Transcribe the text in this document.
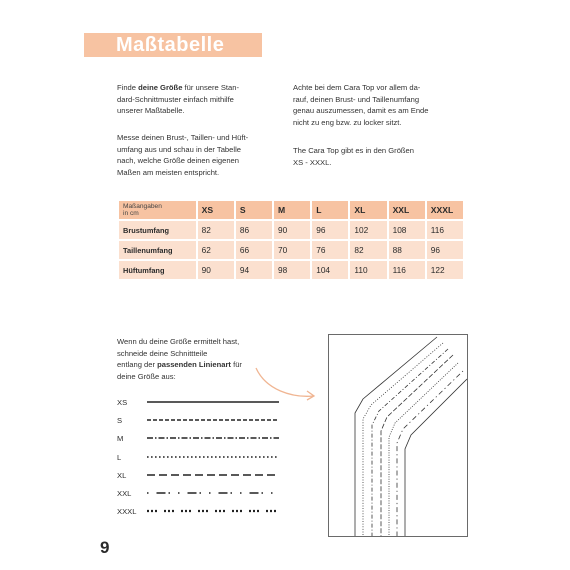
Maßtabelle

Finde deine Größe für unsere Stan-
dard-Schnittmuster einfach mithilfe
unserer Maßtabelle.

Messe deinen Brust-, Taillen- und Hüft-
umfang aus und schau in der Tabelle
nach, welche Größe deinen eigenen
Maßen am meisten entspricht.

Achte bei dem Cara Top vor allem da-
rauf, deinen Brust- und Taillenumfang
genau auszumessen, damit es am Ende
nicht zu eng bzw. zu locker sitzt.

The Cara Top gibt es in den Größen
XS - XXXL.

Maßangaben
in cm	XS	S	M	L	XL	XXL	XXXL
Brustumfang	82	86	90	96	102	108	116
Taillenumfang	62	66	70	76	82	88	96
Hüftumfang	90	94	98	104	110	116	122

Wenn du deine Größe ermittelt hast,
schneide deine Schnittteile
entlang der passenden Linienart für
deine Größe aus:

XS
S
M
L
XL
XXL
XXXL
9
